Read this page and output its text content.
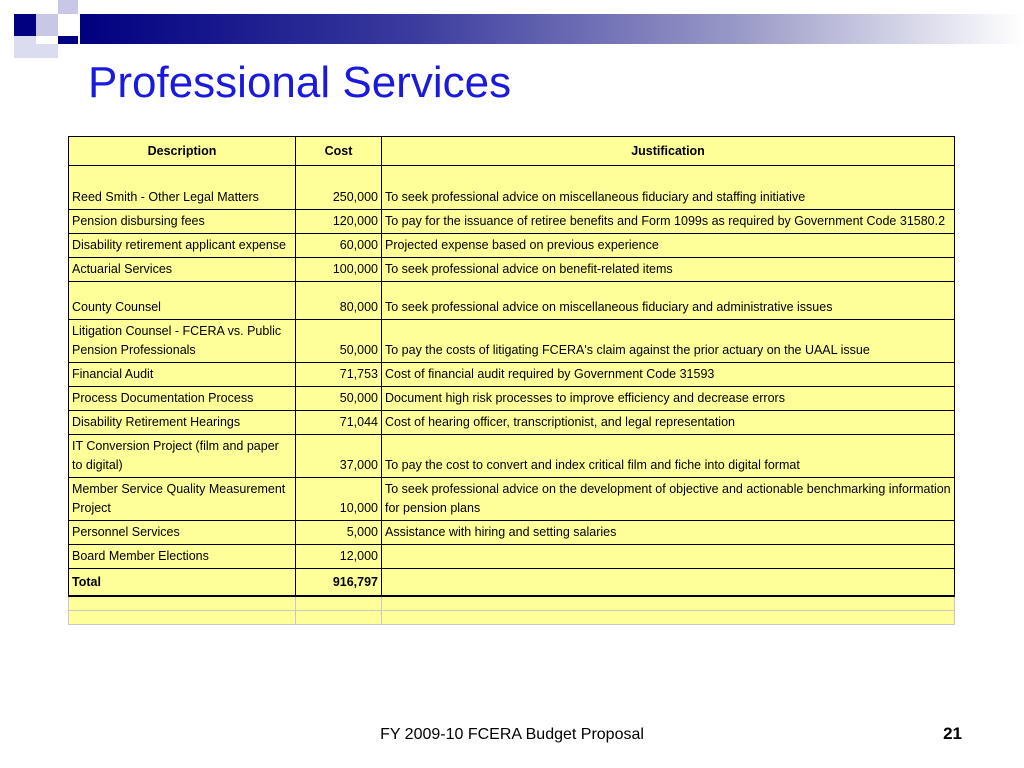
Professional Services
Description	Cost	Justification
Reed Smith - Other Legal Matters	250,000	To seek professional advice on miscellaneous fiduciary and staffing initiative
Pension disbursing fees	120,000	To pay for the issuance of retiree benefits and Form 1099s as required by Government Code 31580.2
Disability retirement applicant expense	60,000	Projected expense based on previous experience
Actuarial Services	100,000	To seek professional advice on benefit-related items
County Counsel	80,000	To seek professional advice on miscellaneous fiduciary and administrative issues
Litigation Counsel - FCERA vs. Public Pension Professionals	50,000	To pay the costs of litigating FCERA's claim against the prior actuary on the UAAL issue
Financial Audit	71,753	Cost of financial audit required by Government Code 31593
Process Documentation Process	50,000	Document high risk processes to improve efficiency and decrease errors
Disability Retirement Hearings	71,044	Cost of hearing officer, transcriptionist, and legal representation
IT Conversion Project (film and paper to digital)	37,000	To pay the cost to convert and index critical film and fiche into digital format
Member Service Quality Measurement Project	10,000	To seek professional advice on the development of objective and actionable benchmarking information for pension plans
Personnel Services	5,000	Assistance with hiring and setting salaries
Board Member Elections	12,000	
Total	916,797	

FY 2009-10 FCERA Budget Proposal	21
